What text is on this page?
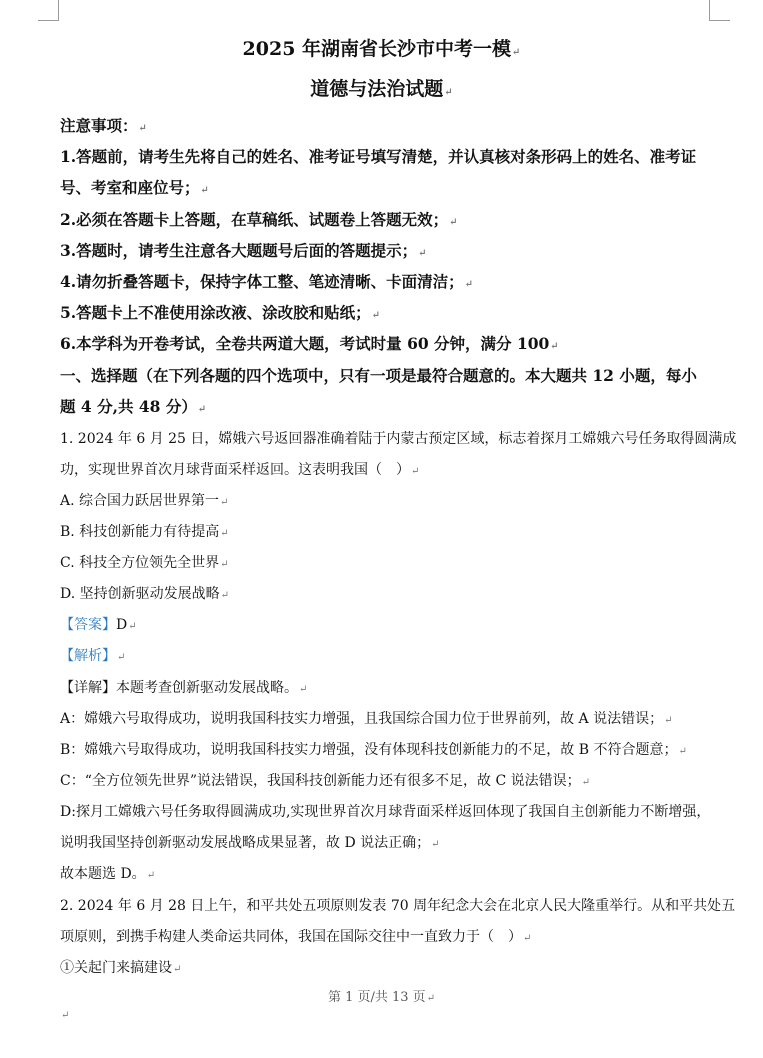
2025 年湖南省长沙市中考一模↵
道德与法治试题↵
注意事项：↵
1.答题前，请考生先将自己的姓名、准考证号填写清楚，并认真核对条形码上的姓名、准考证
号、考室和座位号；↵
2.必须在答题卡上答题，在草稿纸、试题卷上答题无效；↵
3.答题时，请考生注意各大题题号后面的答题提示；↵
4.请勿折叠答题卡，保持字体工整、笔迹清晰、卡面清洁；↵
5.答题卡上不准使用涂改液、涂改胶和贴纸；↵
6.本学科为开卷考试，全卷共两道大题，考试时量 60 分钟，满分 100↵
一、选择题（在下列各题的四个选项中，只有一项是最符合题意的。本大题共 12 小题，每小
题 4 分,共 48 分）↵
1. 2024 年 6 月 25 日，嫦娥六号返回器准确着陆于内蒙古预定区域，标志着探月工嫦娥六号任务取得圆满成
功，实现世界首次月球背面采样返回。这表明我国（　）↵
A. 综合国力跃居世界第一↵
B. 科技创新能力有待提高↵
C. 科技全方位领先全世界↵
D. 坚持创新驱动发展战略↵
【答案】D↵
【解析】↵
【详解】本题考查创新驱动发展战略。↵
A：嫦娥六号取得成功，说明我国科技实力增强，且我国综合国力位于世界前列，故 A 说法错误；↵
B：嫦娥六号取得成功，说明我国科技实力增强，没有体现科技创新能力的不足，故 B 不符合题意；↵
C：“全方位领先世界”说法错误，我国科技创新能力还有很多不足，故 C 说法错误；↵
D:探月工嫦娥六号任务取得圆满成功,实现世界首次月球背面采样返回体现了我国自主创新能力不断增强，
说明我国坚持创新驱动发展战略成果显著，故 D 说法正确；↵
故本题选 D。↵
2. 2024 年 6 月 28 日上午，和平共处五项原则发表 70 周年纪念大会在北京人民大隆重举行。从和平共处五
项原则，到携手构建人类命运共同体，我国在国际交往中一直致力于（　）↵
①关起门来搞建设↵
第 1 页/共 13 页↵
↵
